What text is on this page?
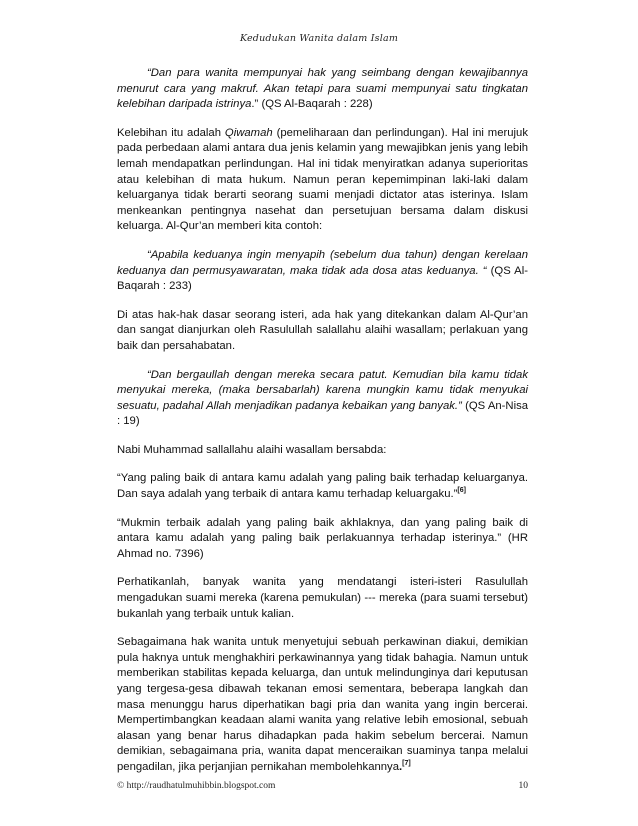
Kedudukan Wanita dalam Islam

“Dan para wanita mempunyai hak yang seimbang dengan kewajibannya menurut cara yang makruf. Akan tetapi para suami mempunyai satu tingkatan kelebihan daripada istrinya.” (QS Al-Baqarah : 228)

Kelebihan itu adalah Qiwamah (pemeliharaan dan perlindungan). Hal ini merujuk pada perbedaan alami antara dua jenis kelamin yang mewajibkan jenis yang lebih lemah mendapatkan perlindungan. Hal ini tidak menyiratkan adanya superioritas atau kelebihan di mata hukum. Namun peran kepemimpinan laki-laki dalam keluarganya tidak berarti seorang suami menjadi dictator atas isterinya. Islam menkeankan pentingnya nasehat dan persetujuan bersama dalam diskusi keluarga. Al-Qur’an memberi kita contoh:

“Apabila keduanya ingin menyapih (sebelum dua tahun) dengan kerelaan keduanya dan permusyawaratan, maka tidak ada dosa atas keduanya. “ (QS Al-Baqarah : 233)

Di atas hak-hak dasar seorang isteri, ada hak yang ditekankan dalam Al-Qur’an dan sangat dianjurkan oleh Rasulullah salallahu alaihi wasallam; perlakuan yang baik dan persahabatan.

“Dan bergaullah dengan mereka secara patut. Kemudian bila kamu tidak menyukai mereka, (maka bersabarlah) karena mungkin kamu tidak menyukai sesuatu, padahal Allah menjadikan padanya kebaikan yang banyak.” (QS An-Nisa : 19)

Nabi Muhammad sallallahu alaihi wasallam bersabda:

“Yang paling baik di antara kamu adalah yang paling baik terhadap keluarganya. Dan saya adalah yang terbaik di antara kamu terhadap keluargaku.”[6]

“Mukmin terbaik adalah yang paling baik akhlaknya, dan yang paling baik di antara kamu adalah yang paling baik perlakuannya terhadap isterinya.” (HR Ahmad no. 7396)

Perhatikanlah, banyak wanita yang mendatangi isteri-isteri Rasulullah mengadukan suami mereka (karena pemukulan) --- mereka (para suami tersebut) bukanlah yang terbaik untuk kalian.

Sebagaimana hak wanita untuk menyetujui sebuah perkawinan diakui, demikian pula haknya untuk menghakhiri perkawinannya yang tidak bahagia. Namun untuk memberikan stabilitas kepada keluarga, dan untuk melindunginya dari keputusan yang tergesa-gesa dibawah tekanan emosi sementara, beberapa langkah dan masa menunggu harus diperhatikan bagi pria dan wanita yang ingin bercerai. Mempertimbangkan keadaan alami wanita yang relative lebih emosional, sebuah alasan yang benar harus dihadapkan pada hakim sebelum bercerai. Namun demikian, sebagaimana pria, wanita dapat menceraikan suaminya tanpa melalui pengadilan, jika perjanjian pernikahan membolehkannya.[7]

© http://raudhatulmuhibbin.blogspot.com	10
